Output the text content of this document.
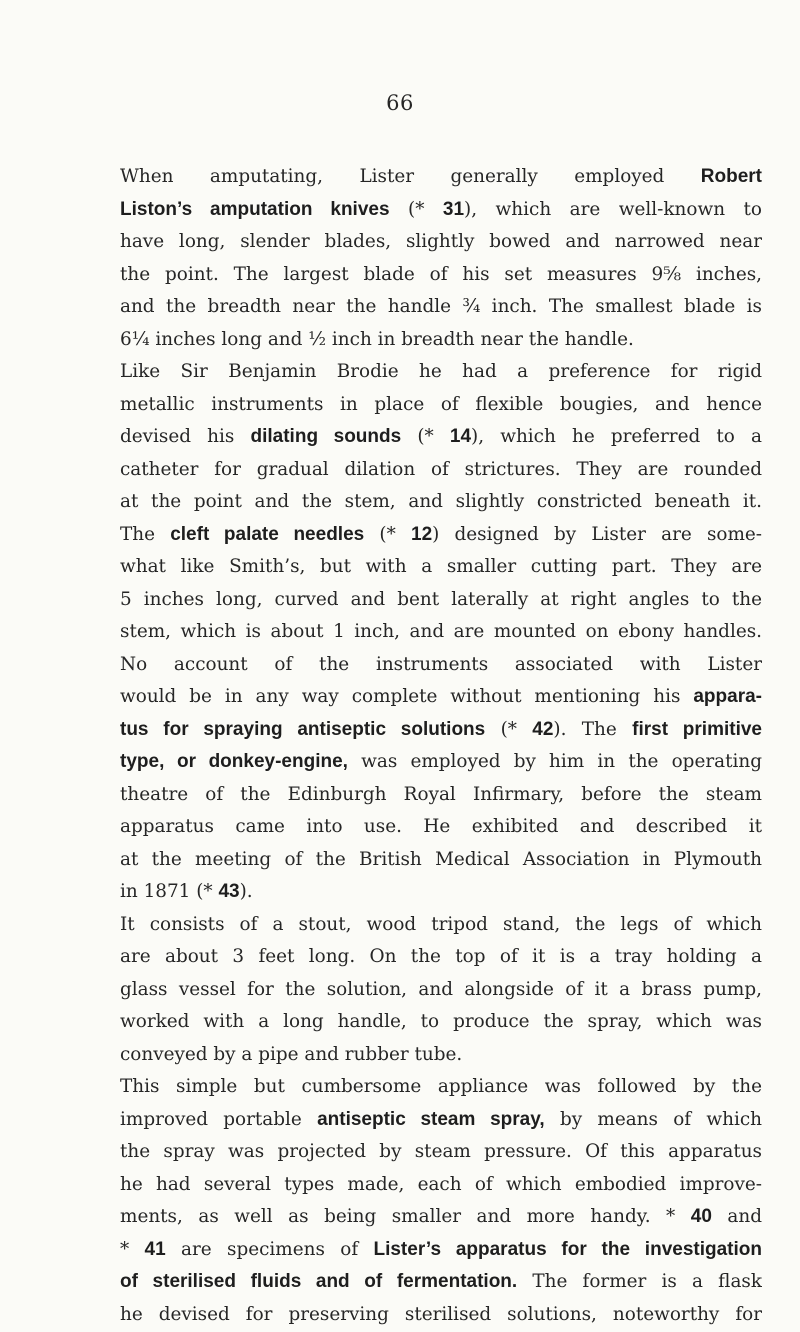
66
When amputating, Lister generally employed Robert
Liston’s amputation knives (* 31), which are well-known to
have long, slender blades, slightly bowed and narrowed near
the point. The largest blade of his set measures 9⅝ inches,
and the breadth near the handle ¾ inch. The smallest blade is
6¼ inches long and ½ inch in breadth near the handle.
Like Sir Benjamin Brodie he had a preference for rigid
metallic instruments in place of flexible bougies, and hence
devised his dilating sounds (* 14), which he preferred to a
catheter for gradual dilation of strictures. They are rounded
at the point and the stem, and slightly constricted beneath it.
The cleft palate needles (* 12) designed by Lister are some-
what like Smith’s, but with a smaller cutting part. They are
5 inches long, curved and bent laterally at right angles to the
stem, which is about 1 inch, and are mounted on ebony handles.
No account of the instruments associated with Lister
would be in any way complete without mentioning his appara-
tus for spraying antiseptic solutions (* 42). The first primitive
type, or donkey-engine, was employed by him in the operating
theatre of the Edinburgh Royal Infirmary, before the steam
apparatus came into use. He exhibited and described it
at the meeting of the British Medical Association in Plymouth
in 1871 (* 43).
It consists of a stout, wood tripod stand, the legs of which
are about 3 feet long. On the top of it is a tray holding a
glass vessel for the solution, and alongside of it a brass pump,
worked with a long handle, to produce the spray, which was
conveyed by a pipe and rubber tube.
This simple but cumbersome appliance was followed by the
improved portable antiseptic steam spray, by means of which
the spray was projected by steam pressure. Of this apparatus
he had several types made, each of which embodied improve-
ments, as well as being smaller and more handy. * 40 and
* 41 are specimens of Lister’s apparatus for the investigation
of sterilised fluids and of fermentation. The former is a flask
he devised for preserving sterilised solutions, noteworthy for
